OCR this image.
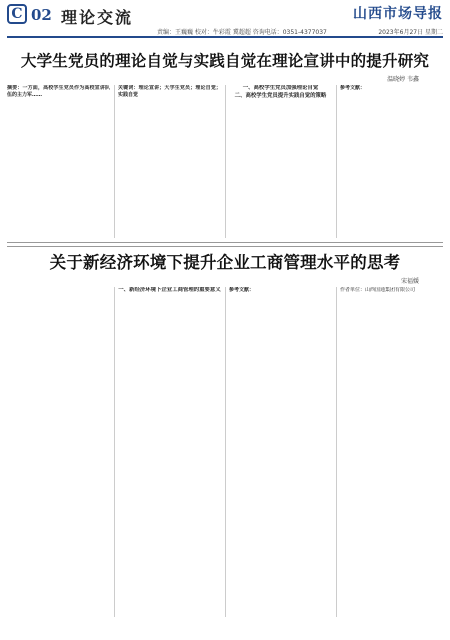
C 02 理论交流	山西市场导报
责编：王巍巍 校对：牛彩霞 冀超超 咨询电话：0351-4377037	2023年6月27日 星期二
大学生党员的理论自觉与实践自觉在理论宣讲中的提升研究
温晓婷 韦鑫

摘要：一方面，高校学生党员作为高校宣讲队伍的主力军……

关键词：理论宣讲；大学生党员；理论自觉；实践自觉

一、高校学生党员加强理论自觉

二、高校学生党员提升实践自觉的策略

参考文献：

关于新经济环境下提升企业工商管理水平的思考
宋福媛

一、新经济环境下企业工商管理的重要意义 参考文献：	作者单位：山西国通集团有限公司
